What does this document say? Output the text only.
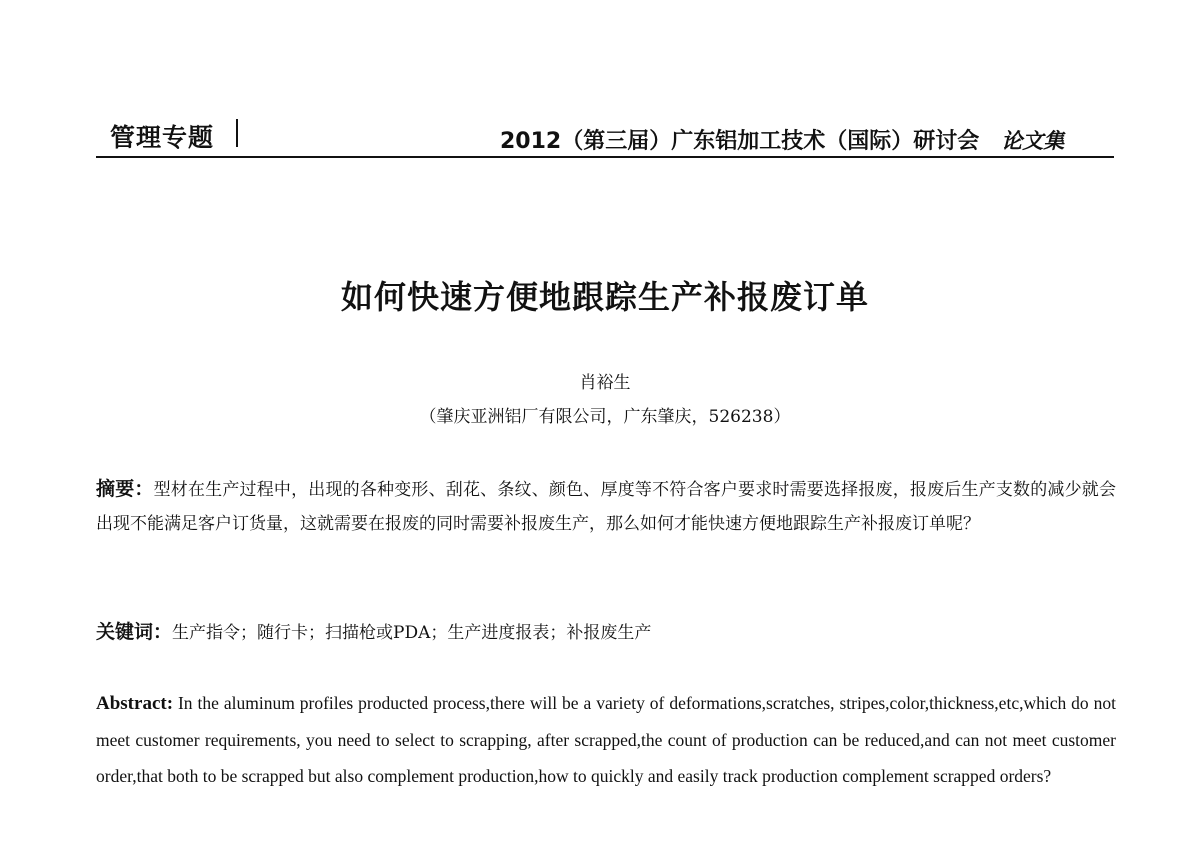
管理专题	2012（第三届）广东铝加工技术（国际）研讨会 论文集
如何快速方便地跟踪生产补报废订单
肖裕生
（肇庆亚洲铝厂有限公司，广东肇庆，526238）
摘要：型材在生产过程中，出现的各种变形、刮花、条纹、颜色、厚度等不符合客户要求时需要选择报废，报废后生产支数的减少就会出现不能满足客户订货量，这就需要在报废的同时需要补报废生产，那么如何才能快速方便地跟踪生产补报废订单呢？
关键词：生产指令；随行卡；扫描枪或PDA；生产进度报表；补报废生产
Abstract: In the aluminum profiles producted process,there will be a variety of deformations,scratches, stripes,color,thickness,etc,which do not meet customer requirements, you need to select to scrapping, after scrapped,the count of production can be reduced,and can not meet customer order,that both to be scrapped but also complement production,how to quickly and easily track production complement scrapped orders?
